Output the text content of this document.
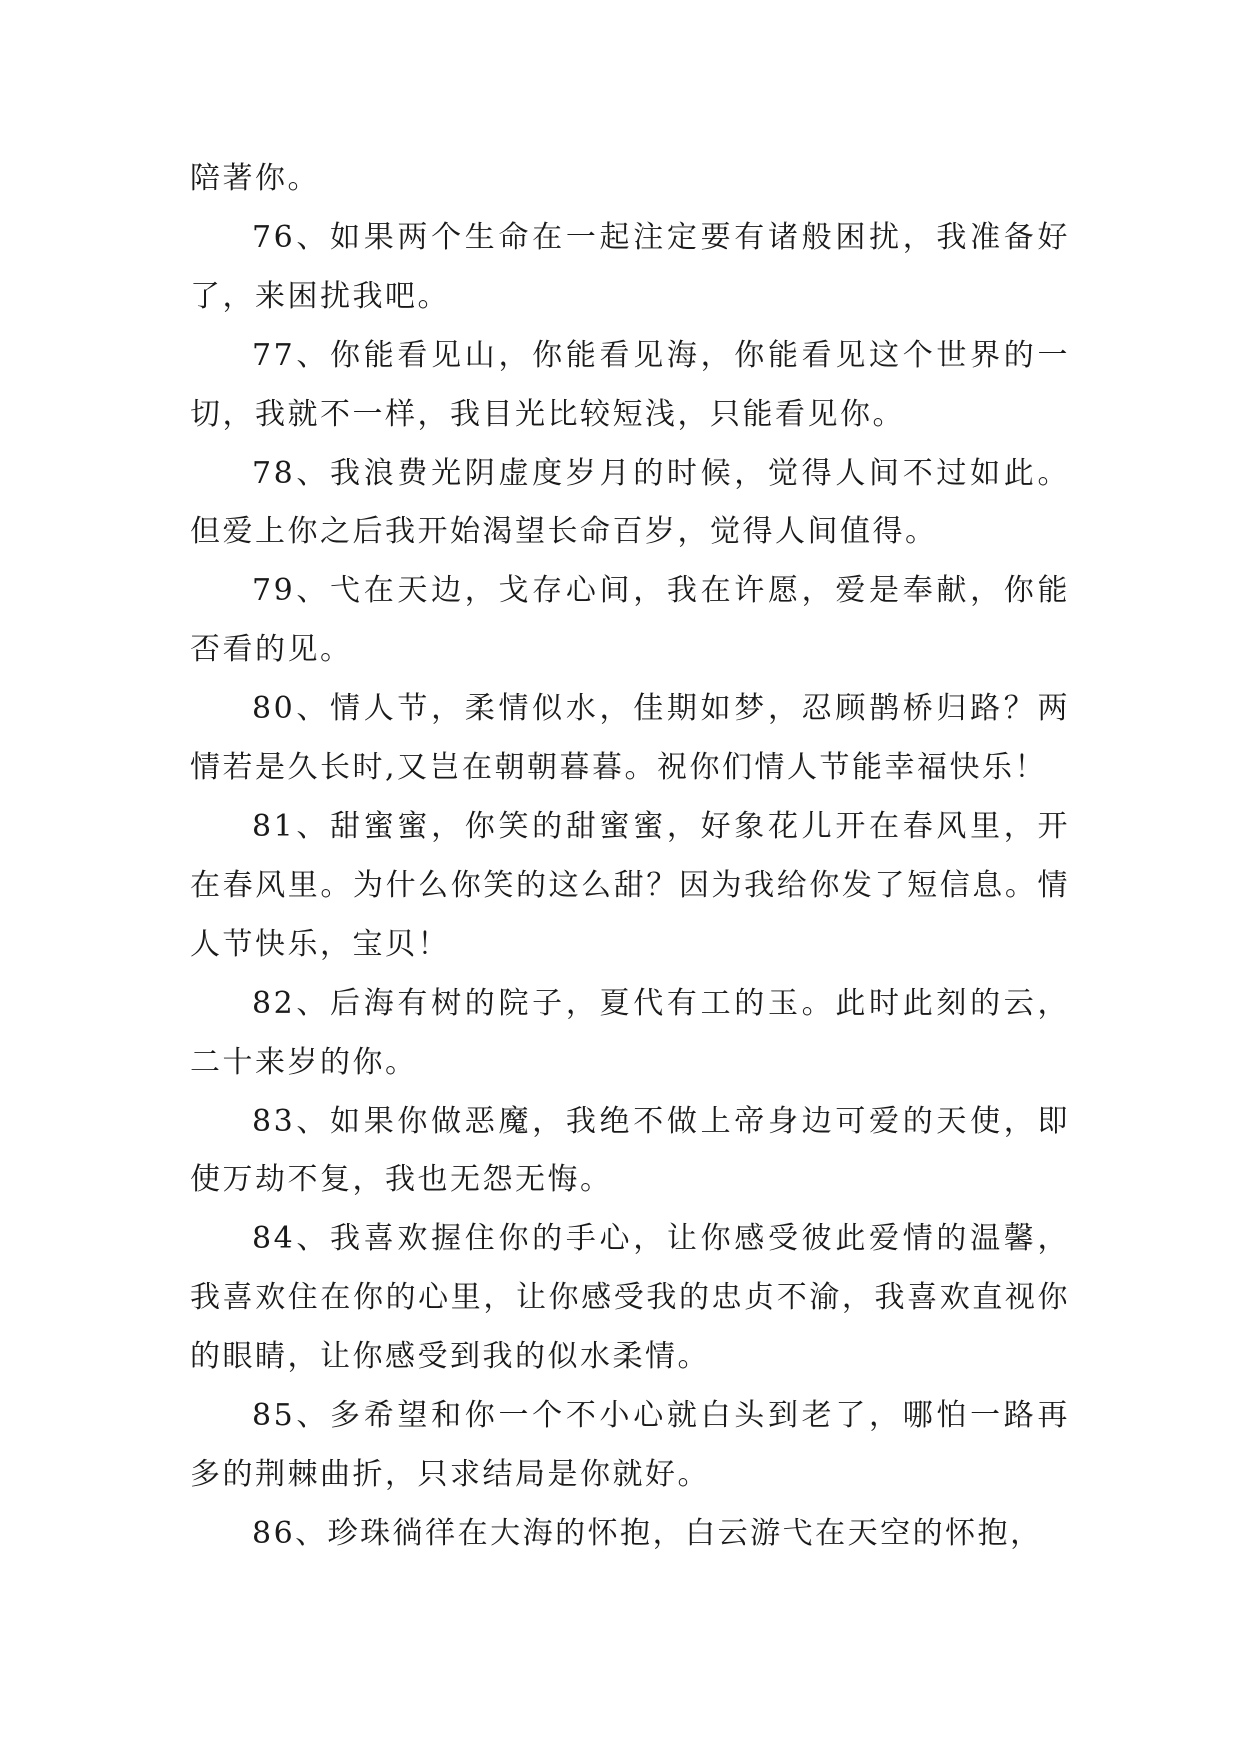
陪著你。

76、如果两个生命在一起注定要有诸般困扰，我准备好了，来困扰我吧。

77、你能看见山，你能看见海，你能看见这个世界的一切，我就不一样，我目光比较短浅，只能看见你。

78、我浪费光阴虚度岁月的时候，觉得人间不过如此。但爱上你之后我开始渴望长命百岁，觉得人间值得。

79、弋在天边，戈存心间，我在许愿，爱是奉献，你能否看的见。

80、情人节，柔情似水，佳期如梦，忍顾鹊桥归路？两情若是久长时,又岂在朝朝暮暮。祝你们情人节能幸福快乐！

81、甜蜜蜜，你笑的甜蜜蜜，好象花儿开在春风里，开在春风里。为什么你笑的这么甜？因为我给你发了短信息。情人节快乐，宝贝！

82、后海有树的院子，夏代有工的玉。此时此刻的云，二十来岁的你。

83、如果你做恶魔，我绝不做上帝身边可爱的天使，即使万劫不复，我也无怨无悔。

84、我喜欢握住你的手心，让你感受彼此爱情的温馨，我喜欢住在你的心里，让你感受我的忠贞不渝，我喜欢直视你的眼睛，让你感受到我的似水柔情。

85、多希望和你一个不小心就白头到老了，哪怕一路再多的荆棘曲折，只求结局是你就好。

86、珍珠徜徉在大海的怀抱，白云游弋在天空的怀抱，
